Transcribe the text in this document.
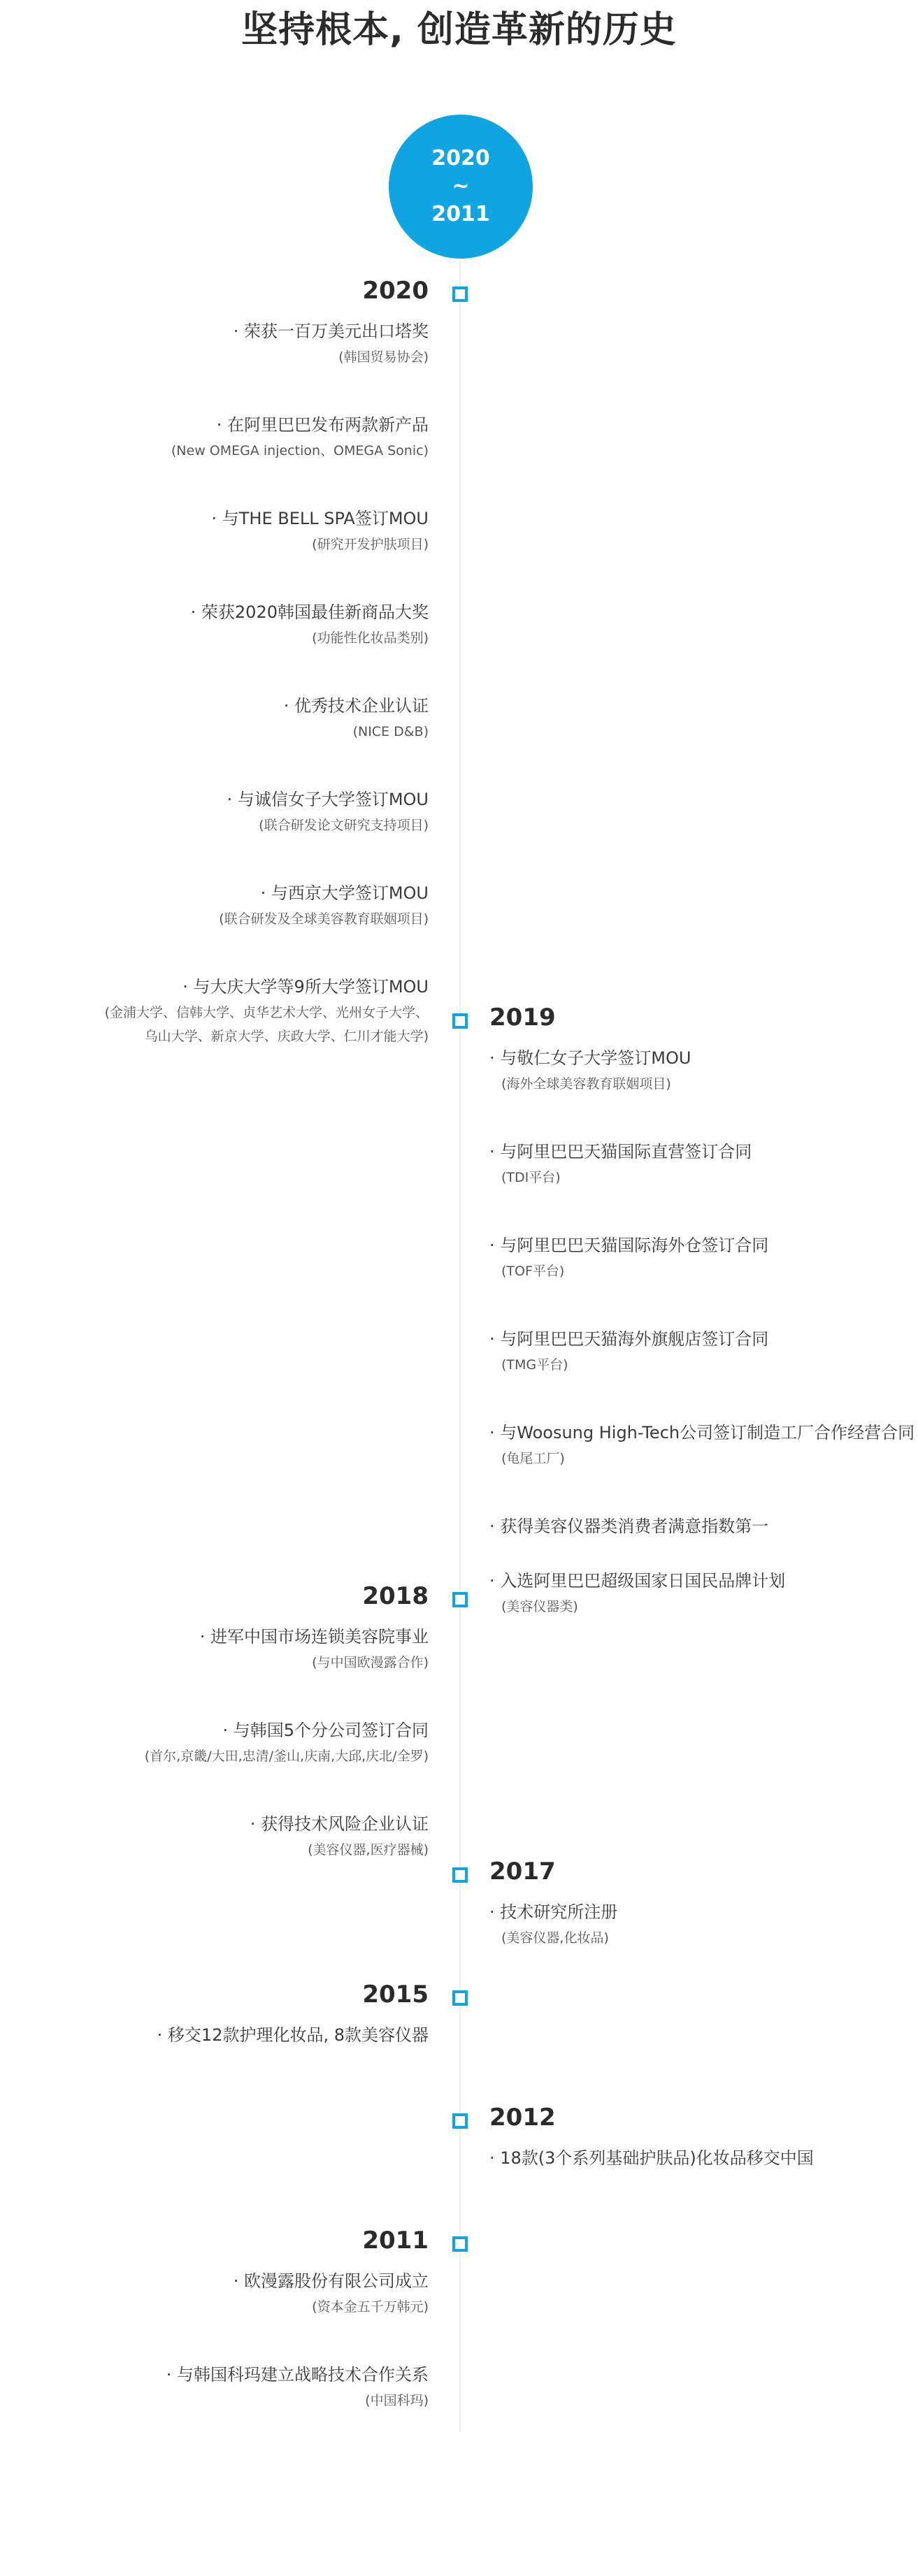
坚持根本, 创造革新的历史
2020
~
2011
2020
· 荣获一百万美元出口塔奖
(韩国贸易协会)
· 在阿里巴巴发布两款新产品
(New OMEGA injection、OMEGA Sonic)
· 与THE BELL SPA签订MOU
(研究开发护肤项目)
· 荣获2020韩国最佳新商品大奖
(功能性化妆品类别)
· 优秀技术企业认证
(NICE D&B)
· 与诚信女子大学签订MOU
(联合研发论文研究支持项目)
· 与西京大学签订MOU
(联合研发及全球美容教育联姻项目)
· 与大庆大学等9所大学签订MOU
(金浦大学、信韩大学、贞华艺术大学、光州女子大学、
乌山大学、新京大学、庆政大学、仁川才能大学)
2019
· 与敬仁女子大学签订MOU
(海外全球美容教育联姻项目)
· 与阿里巴巴天猫国际直营签订合同
(TDI平台)
· 与阿里巴巴天猫国际海外仓签订合同
(TOF平台)
· 与阿里巴巴天猫海外旗舰店签订合同
(TMG平台)
· 与Woosung High-Tech公司签订制造工厂合作经营合同
(龟尾工厂)
· 获得美容仪器类消费者满意指数第一
· 入选阿里巴巴超级国家日国民品牌计划
(美容仪器类)
2018
· 进军中国市场连锁美容院事业
(与中国欧漫露合作)
· 与韩国5个分公司签订合同
(首尔,京畿/大田,忠清/釜山,庆南,大邱,庆北/全罗)
· 获得技术风险企业认证
(美容仪器,医疗器械)
2017
· 技术研究所注册
(美容仪器,化妆品)
2015
· 移交12款护理化妆品, 8款美容仪器
2012
· 18款(3个系列基础护肤品)化妆品移交中国
2011
· 欧漫露股份有限公司成立
(资本金五千万韩元)
· 与韩国科玛建立战略技术合作关系
(中国科玛)
